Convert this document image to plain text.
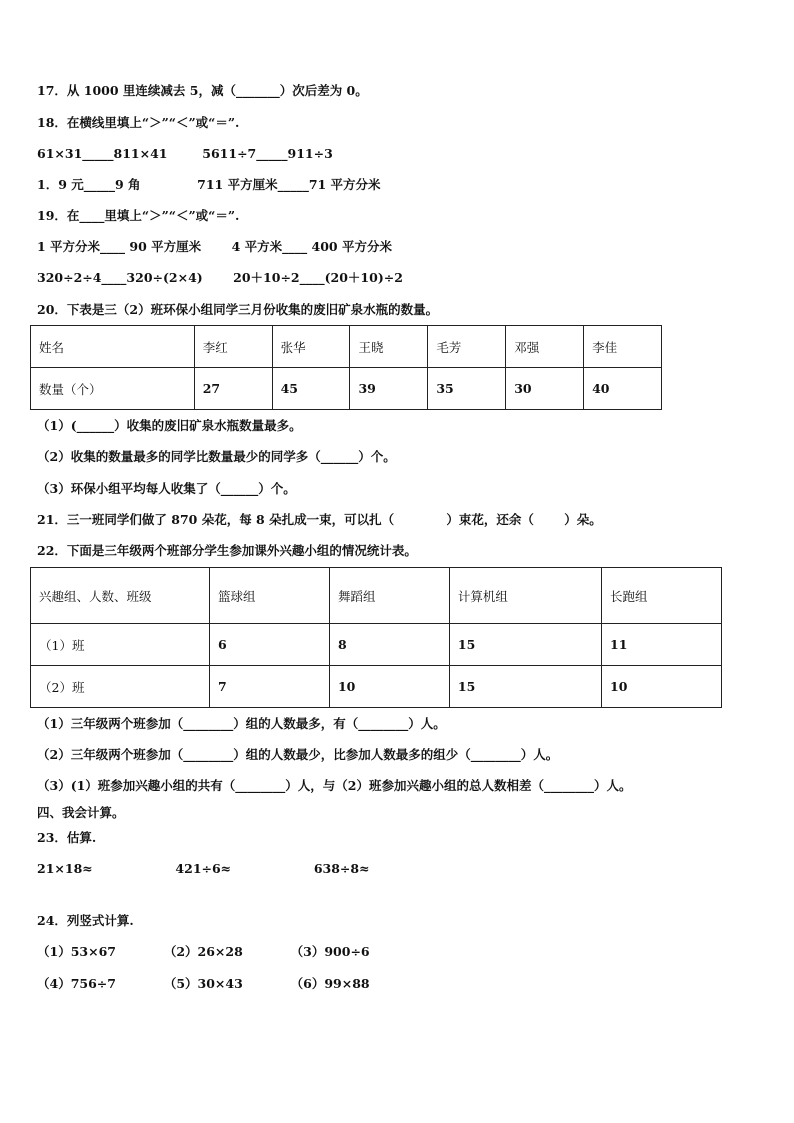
17．从 1000 里连续减去 5，减（_______）次后差为 0。
18．在横线里填上“＞”“＜”或“＝”.
61×31_____811×41        5611÷7_____911÷3
1．9 元_____9 角             711 平方厘米_____71 平方分米
19．在____里填上“＞”“＜”或“＝”.
1 平方分米____ 90 平方厘米       4 平方米____ 400 平方分米
320÷2÷4____320÷(2×4)       20＋10÷2____(20＋10)÷2
20．下表是三（2）班环保小组同学三月份收集的废旧矿泉水瓶的数量。
姓名	李红	张华	王晓	毛芳	邓强	李佳
数量（个）	27	45	39	35	30	40
（1）(______）收集的废旧矿泉水瓶数量最多。
（2）收集的数量最多的同学比数量最少的同学多（______）个。
（3）环保小组平均每人收集了（______）个。
21．三一班同学们做了 870 朵花，每 8 朵扎成一束，可以扎（            ）束花，还余（       ）朵。
22．下面是三年级两个班部分学生参加课外兴趣小组的情况统计表。
兴趣组、人数、班级	篮球组	舞蹈组	计算机组	长跑组
（1）班	6	8	15	11
（2）班	7	10	15	10
（1）三年级两个班参加（________）组的人数最多，有（________）人。
（2）三年级两个班参加（________）组的人数最少，比参加人数最多的组少（________）人。
（3）(1）班参加兴趣小组的共有（________）人，与（2）班参加兴趣小组的总人数相差（________）人。
四、我会计算。
23．估算.
21×18≈                   421÷6≈                   638÷8≈
24．列竖式计算.
（1）53×67           （2）26×28           （3）900÷6
（4）756÷7           （5）30×43           （6）99×88
